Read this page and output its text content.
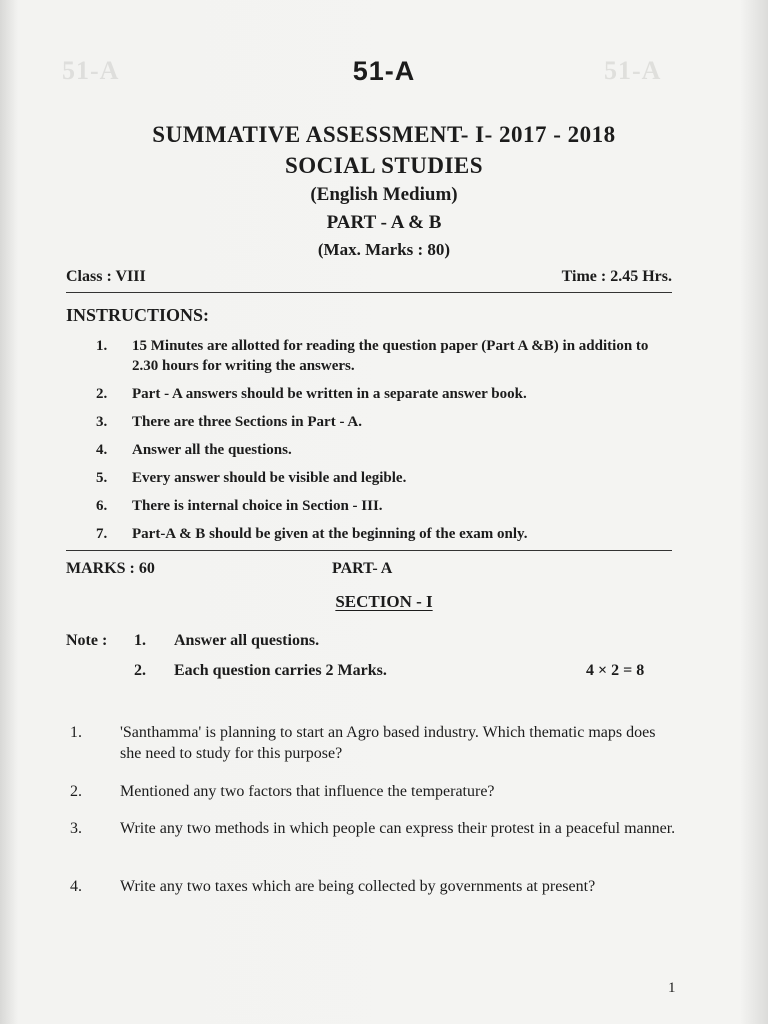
51-A	51-A
51-A
SUMMATIVE ASSESSMENT- I- 2017 - 2018
SOCIAL STUDIES
(English Medium)
PART - A & B
(Max. Marks : 80)
Class : VIII	Time : 2.45 Hrs.
INSTRUCTIONS:
1.	15 Minutes are allotted for reading the question paper (Part A &B) in addition to 2.30 hours for writing the answers.
2.	Part - A answers should be written in a separate answer book.
3.	There are three Sections in Part - A.
4.	Answer all the questions.
5.	Every answer should be visible and legible.
6.	There is internal choice in Section - III.
7.	Part-A & B should be given at the beginning of the exam only.
MARKS : 60	PART- A
SECTION - I
Note : 1.	Answer all questions.
2.	Each question carries 2 Marks.	4 × 2 = 8
1.	'Santhamma' is planning to start an Agro based industry. Which thematic maps does she need to study for this purpose?
2.	Mentioned any two factors that influence the temperature?
3.	Write any two methods in which people can express their protest in a peaceful manner.
4.	Write any two taxes which are being collected by governments at present?
1
